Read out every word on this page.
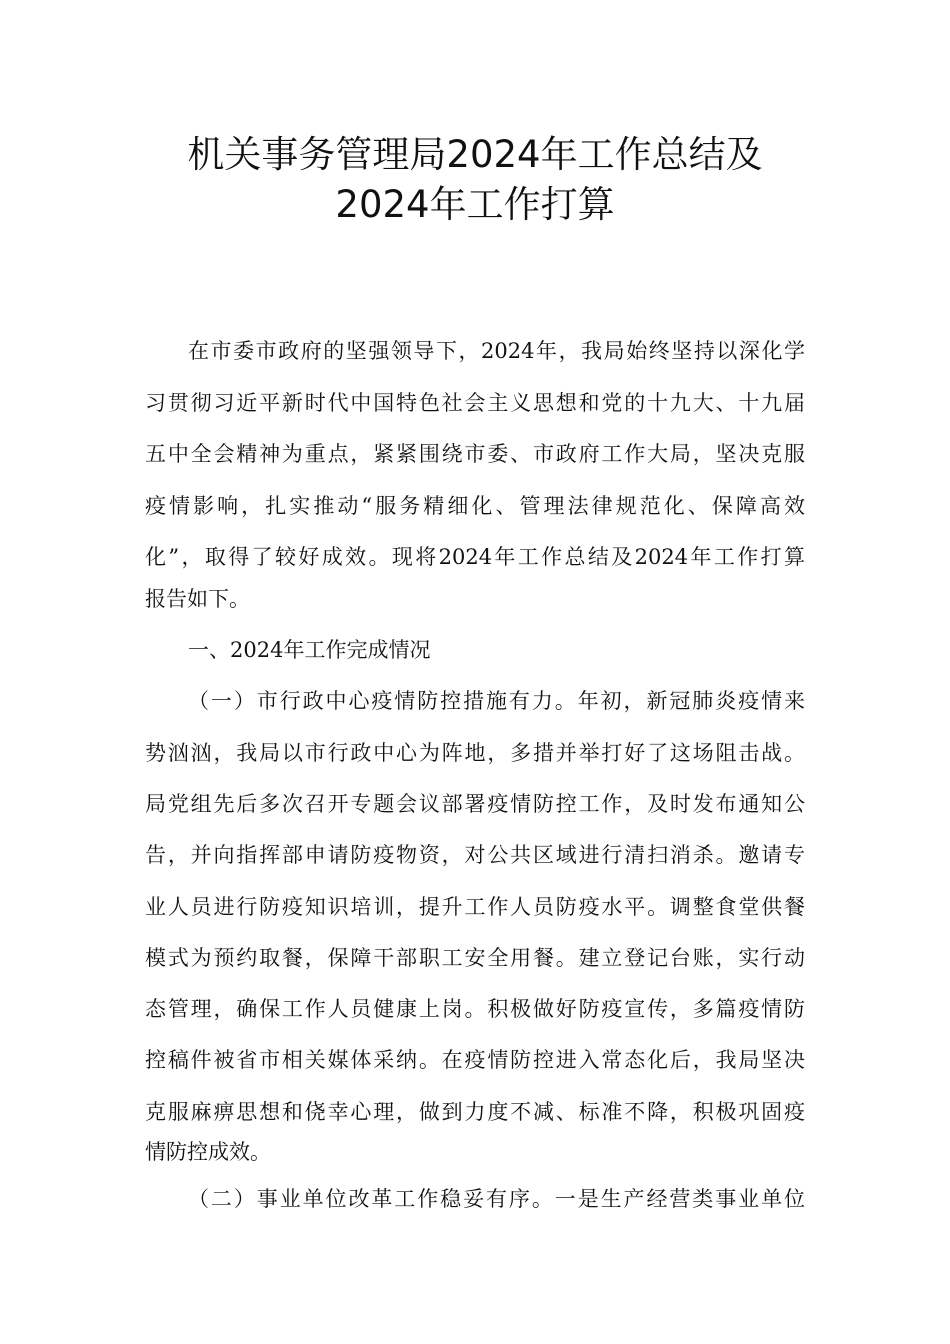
机关事务管理局2024年工作总结及
2024年工作打算
在市委市政府的坚强领导下，2024年，我局始终坚持以深化学
习贯彻习近平新时代中国特色社会主义思想和党的十九大、十九届
五中全会精神为重点，紧紧围绕市委、市政府工作大局，坚决克服
疫情影响，扎实推动“服务精细化、管理法律规范化、保障高效
化”，取得了较好成效。现将2024年工作总结及2024年工作打算
报告如下。
一、2024年工作完成情况
（一）市行政中心疫情防控措施有力。年初，新冠肺炎疫情来
势汹汹，我局以市行政中心为阵地，多措并举打好了这场阻击战。
局党组先后多次召开专题会议部署疫情防控工作，及时发布通知公
告，并向指挥部申请防疫物资，对公共区域进行清扫消杀。邀请专
业人员进行防疫知识培训，提升工作人员防疫水平。调整食堂供餐
模式为预约取餐，保障干部职工安全用餐。建立登记台账，实行动
态管理，确保工作人员健康上岗。积极做好防疫宣传，多篇疫情防
控稿件被省市相关媒体采纳。在疫情防控进入常态化后，我局坚决
克服麻痹思想和侥幸心理，做到力度不减、标准不降，积极巩固疫
情防控成效。
（二）事业单位改革工作稳妥有序。一是生产经营类事业单位
